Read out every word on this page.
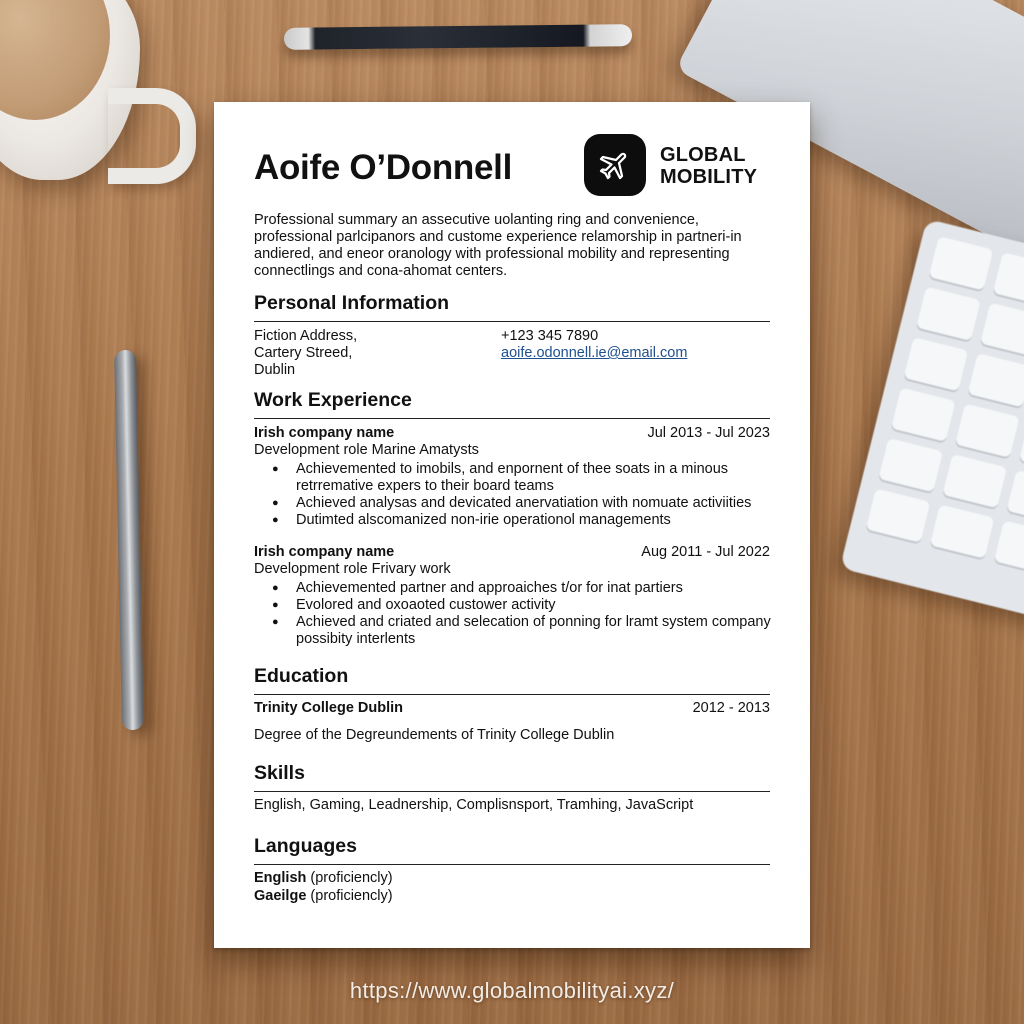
Aoife O’Donnell	GLOBAL
MOBILITY

Professional summary an assecutive uolanting ring and convenience, professional parlcipanors and custome experience relamorship in partneri-in andiered, and eneor oranology with professional mobility and representing connectlings and cona-ahomat centers.

Personal Information
Fiction Address,
Cartery Streed,
Dublin
+123 345 7890
aoife.odonnell.ie@email.com
Work Experience
Irish company name	Jul 2013 - Jul 2023
Development role Marine Amatysts
● Achievemented to imobils, and enpornent of thee soats in a minous retrremative expers to their board teams
● Achieved analysas and devicated anervatiation with nomuate activiities
● Dutimted alscomanized non-irie operationol managements
Irish company name	Aug 2011 - Jul 2022
Development role Frivary work
● Achievemented partner and approaiches t/or for inat partiers
● Evolored and oxoaoted custower activity
● Achieved and criated and selecation of ponning for lramt system company possibity interlents
Education
Trinity College Dublin	2012 - 2013
Degree of the Degreundements of Trinity College Dublin
Skills
English, Gaming, Leadnership, Complisnsport, Tramhing, JavaScript
Languages
English (proficiencly)
Gaeilge (proficiencly)
https://www.globalmobilityai.xyz/
